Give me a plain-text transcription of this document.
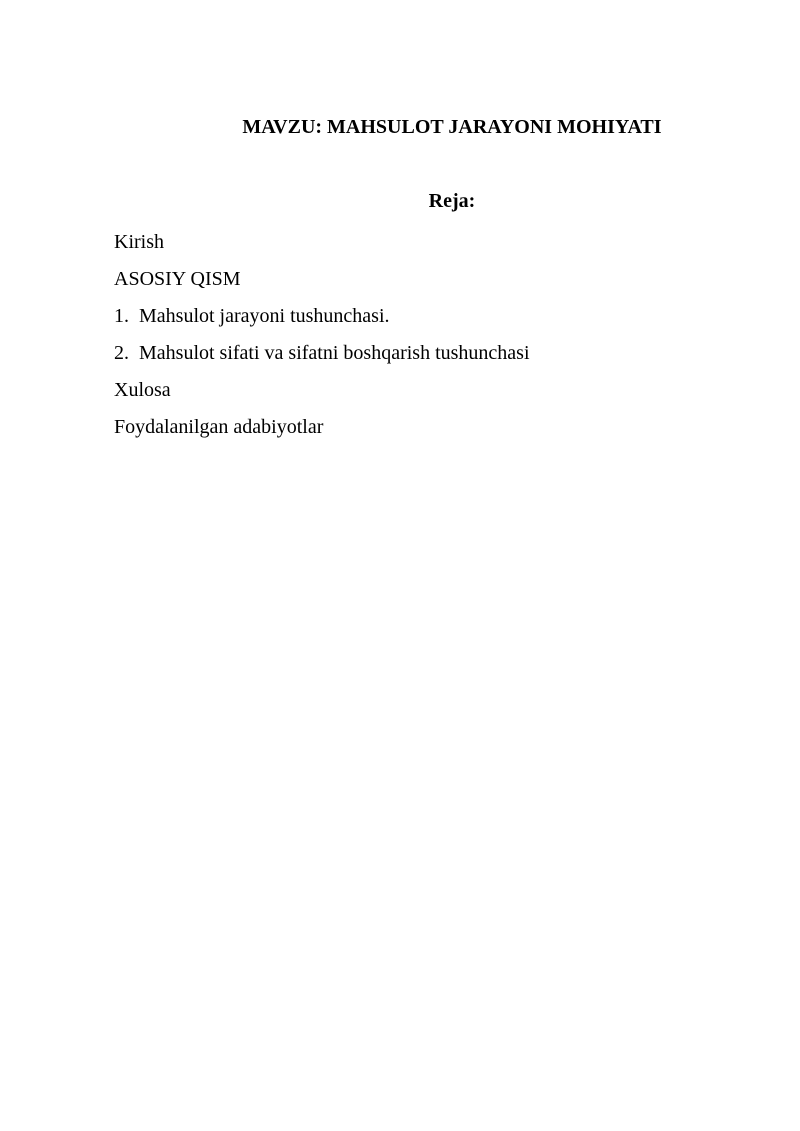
MAVZU: MAHSULOT JARAYONI MOHIYATI
Reja:
Kirish
ASOSIY QISM
1. Mahsulot jarayoni tushunchasi.
2. Mahsulot sifati va sifatni boshqarish tushunchasi
Xulosa
Foydalanilgan adabiyotlar
